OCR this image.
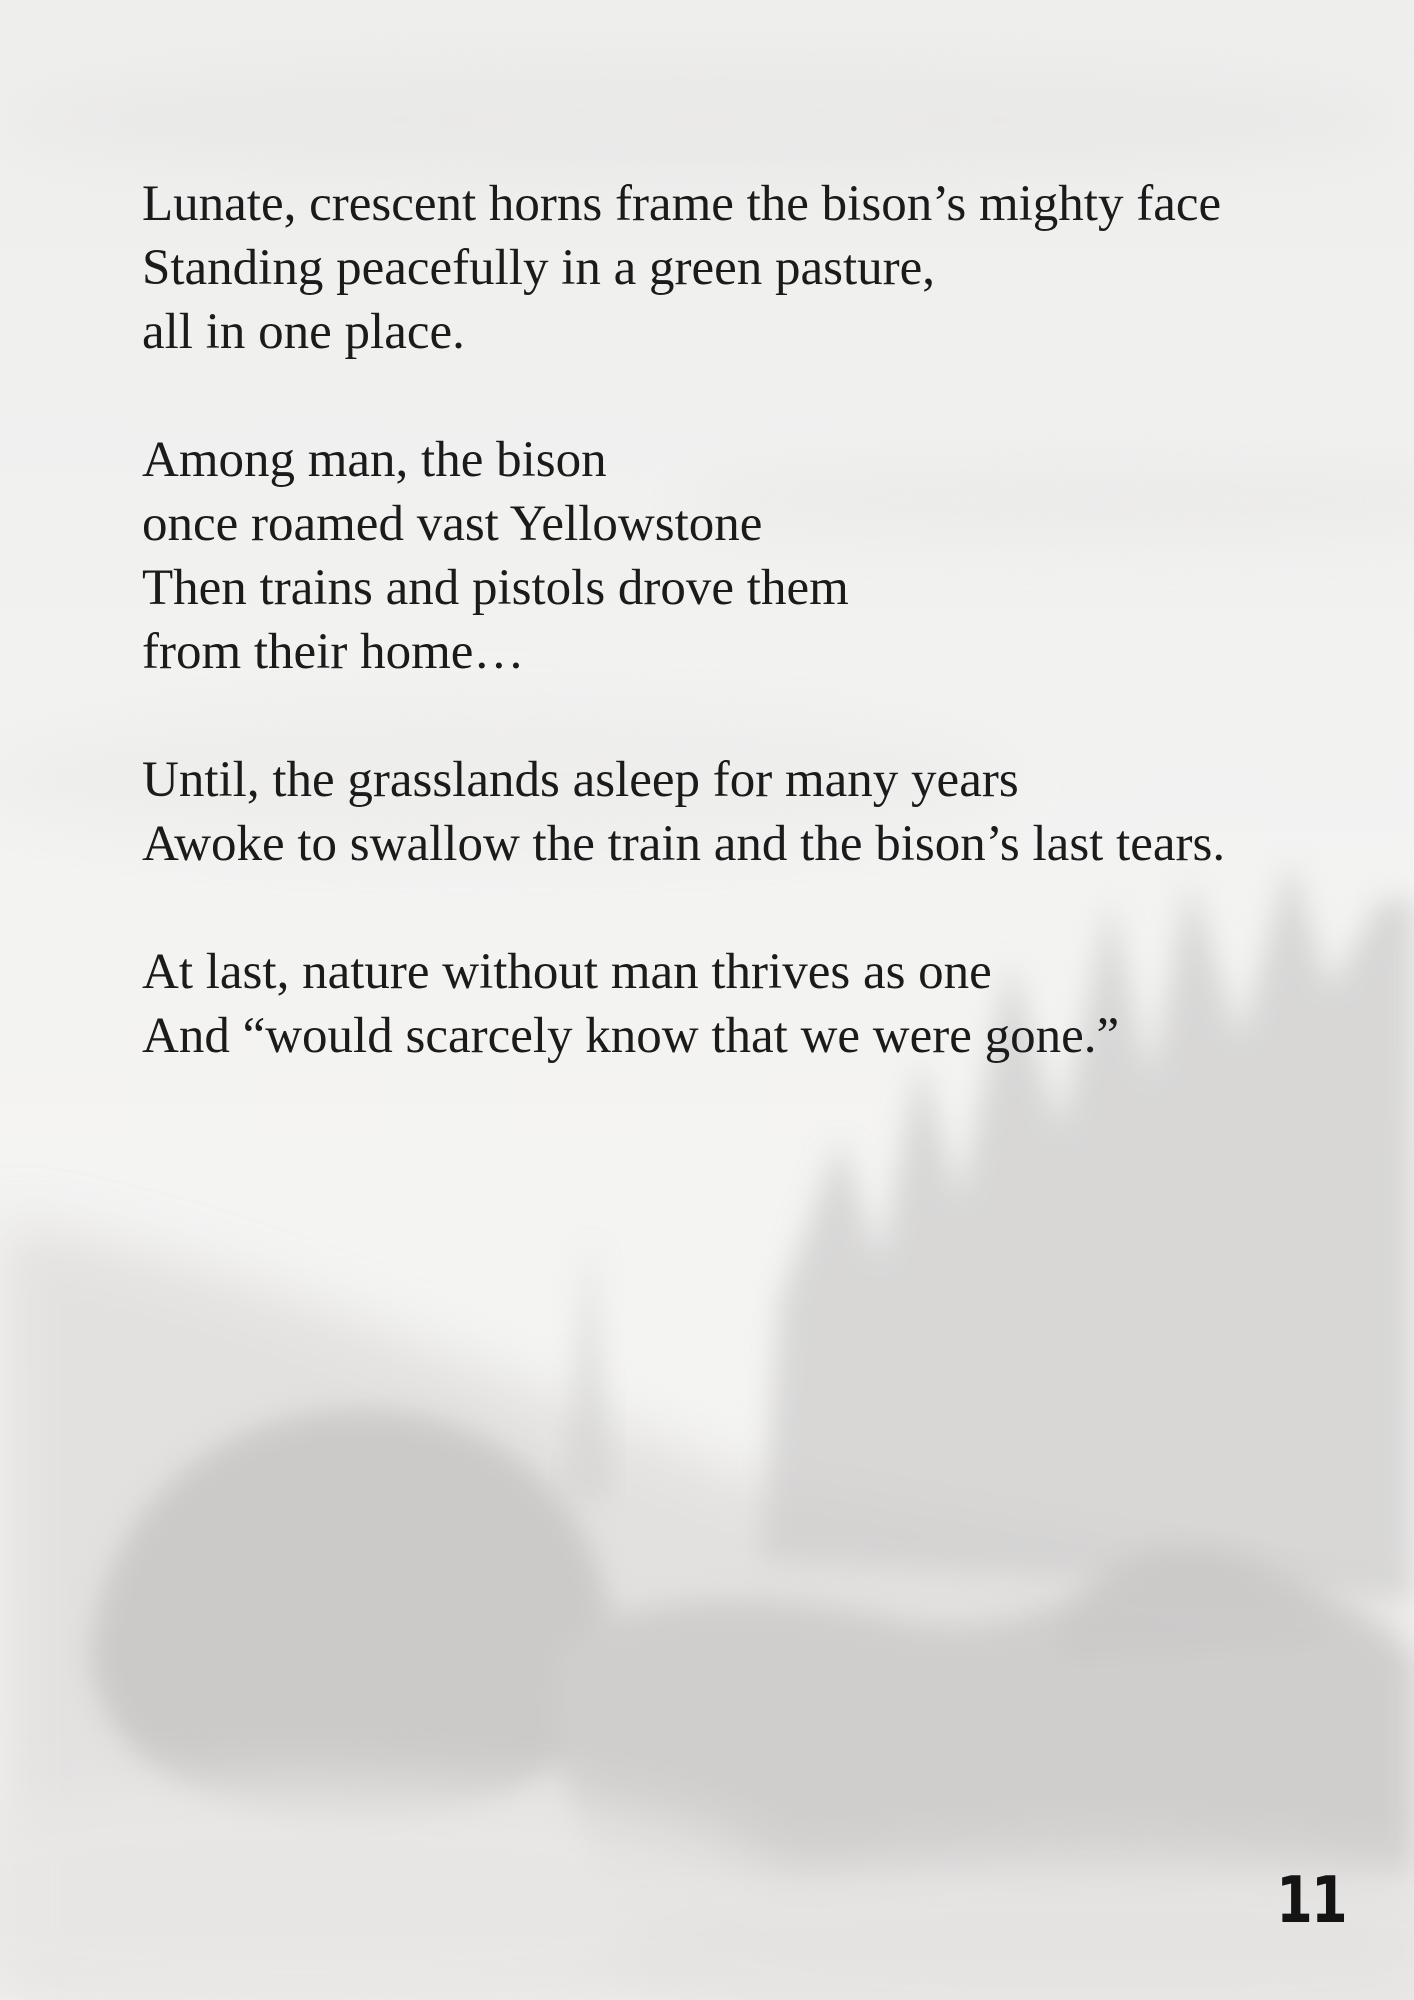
Lunate, crescent horns frame the bison’s mighty face
Standing peacefully in a green pasture,
all in one place.
Among man, the bison
once roamed vast Yellowstone
Then trains and pistols drove them
from their home…
Until, the grasslands asleep for many years
Awoke to swallow the train and the bison’s last tears.
At last, nature without man thrives as one
And “would scarcely know that we were gone.”
11
